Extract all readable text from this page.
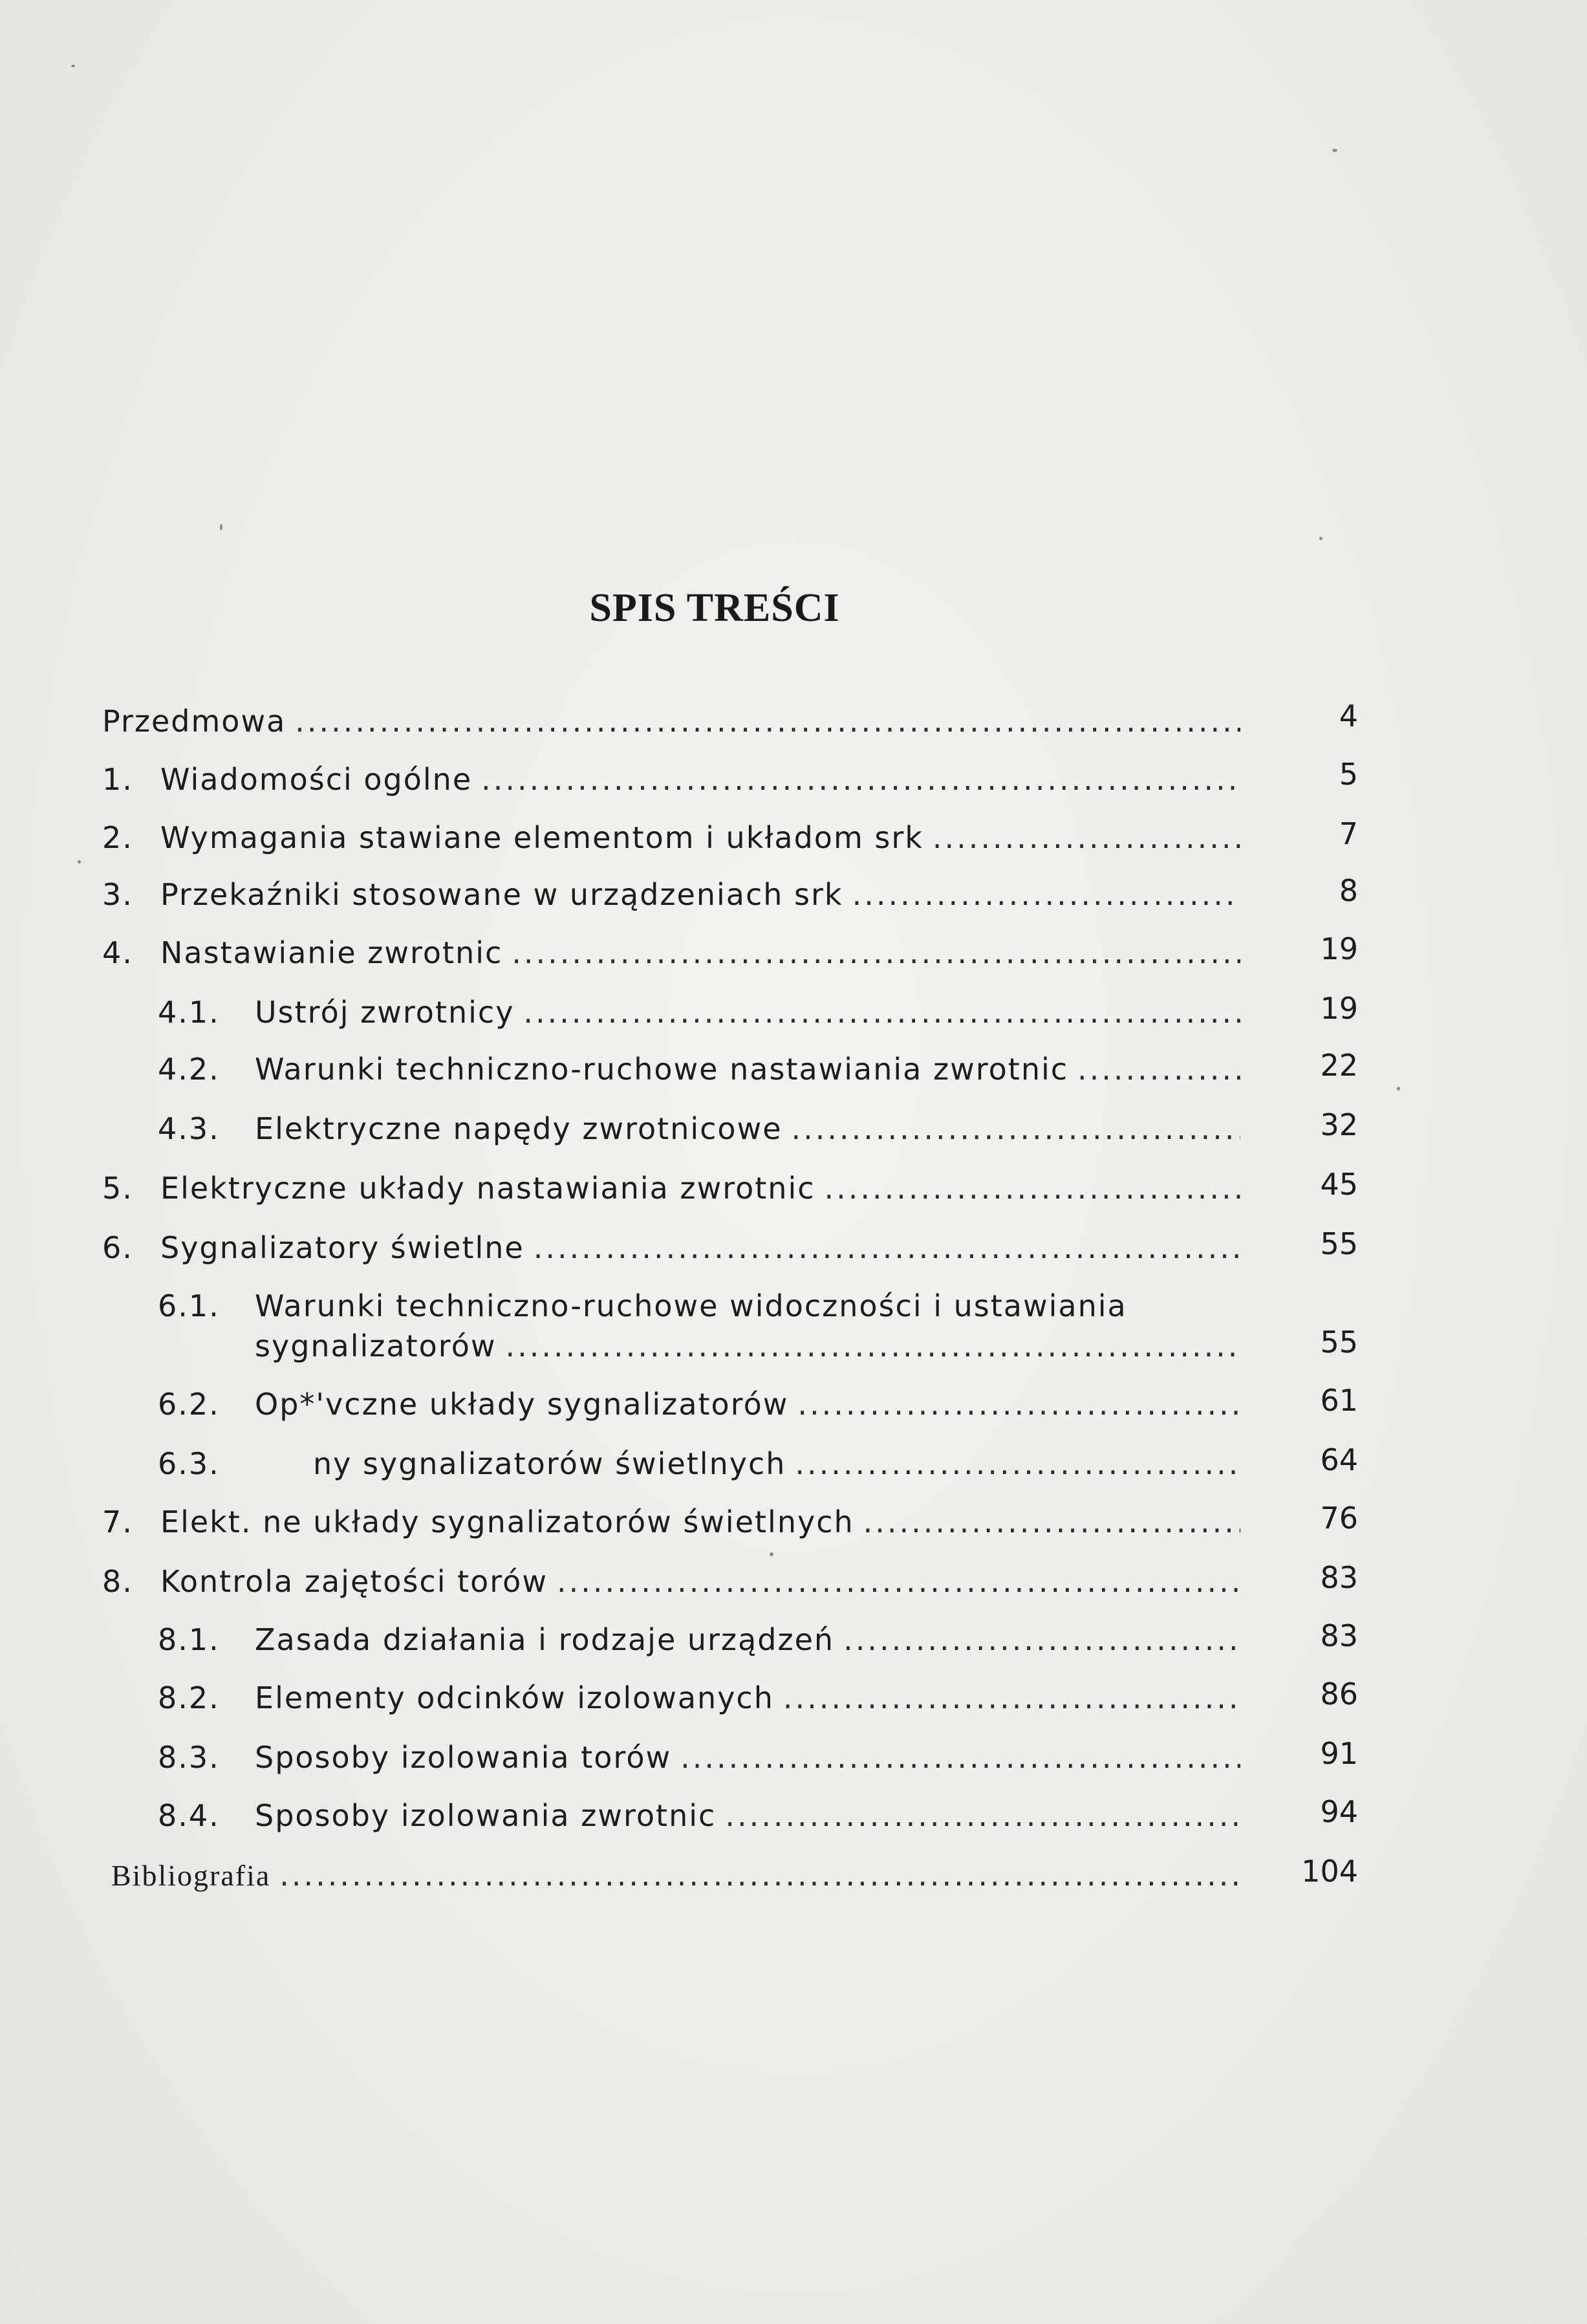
SPIS TREŚCI
Przedmowa .....	4
1. Wiadomości ogólne .....	5
2. Wymagania stawiane elementom i układom srk .....	7
3. Przekaźniki stosowane w urządzeniach srk .....	8
4. Nastawianie zwrotnic .....	19
4.1.	Ustrój zwrotnicy .....	19
4.2.	Warunki techniczno-ruchowe nastawiania zwrotnic .....	22
4.3.	Elektryczne napędy zwrotnicowe .....	32
5. Elektryczne układy nastawiania zwrotnic .....	45
6. Sygnalizatory świetlne .....	55
6.1. Warunki techniczno-ruchowe widoczności i ustawiania
sygnalizatorów .....	55
6.2.	Op*'vczne układy sygnalizatorów .....	61
6.3.	ny sygnalizatorów świetlnych .....	64
7. Elekt. ne układy sygnalizatorów świetlnych .....	76
8. Kontrola zajętości torów .....	83
8.1.	Zasada działania i rodzaje urządzeń .....	83
8.2.	Elementy odcinków izolowanych .....	86
8.3.	Sposoby izolowania torów .....	91
8.4.	Sposoby izolowania zwrotnic .....	94
Bibliografia .....	104
